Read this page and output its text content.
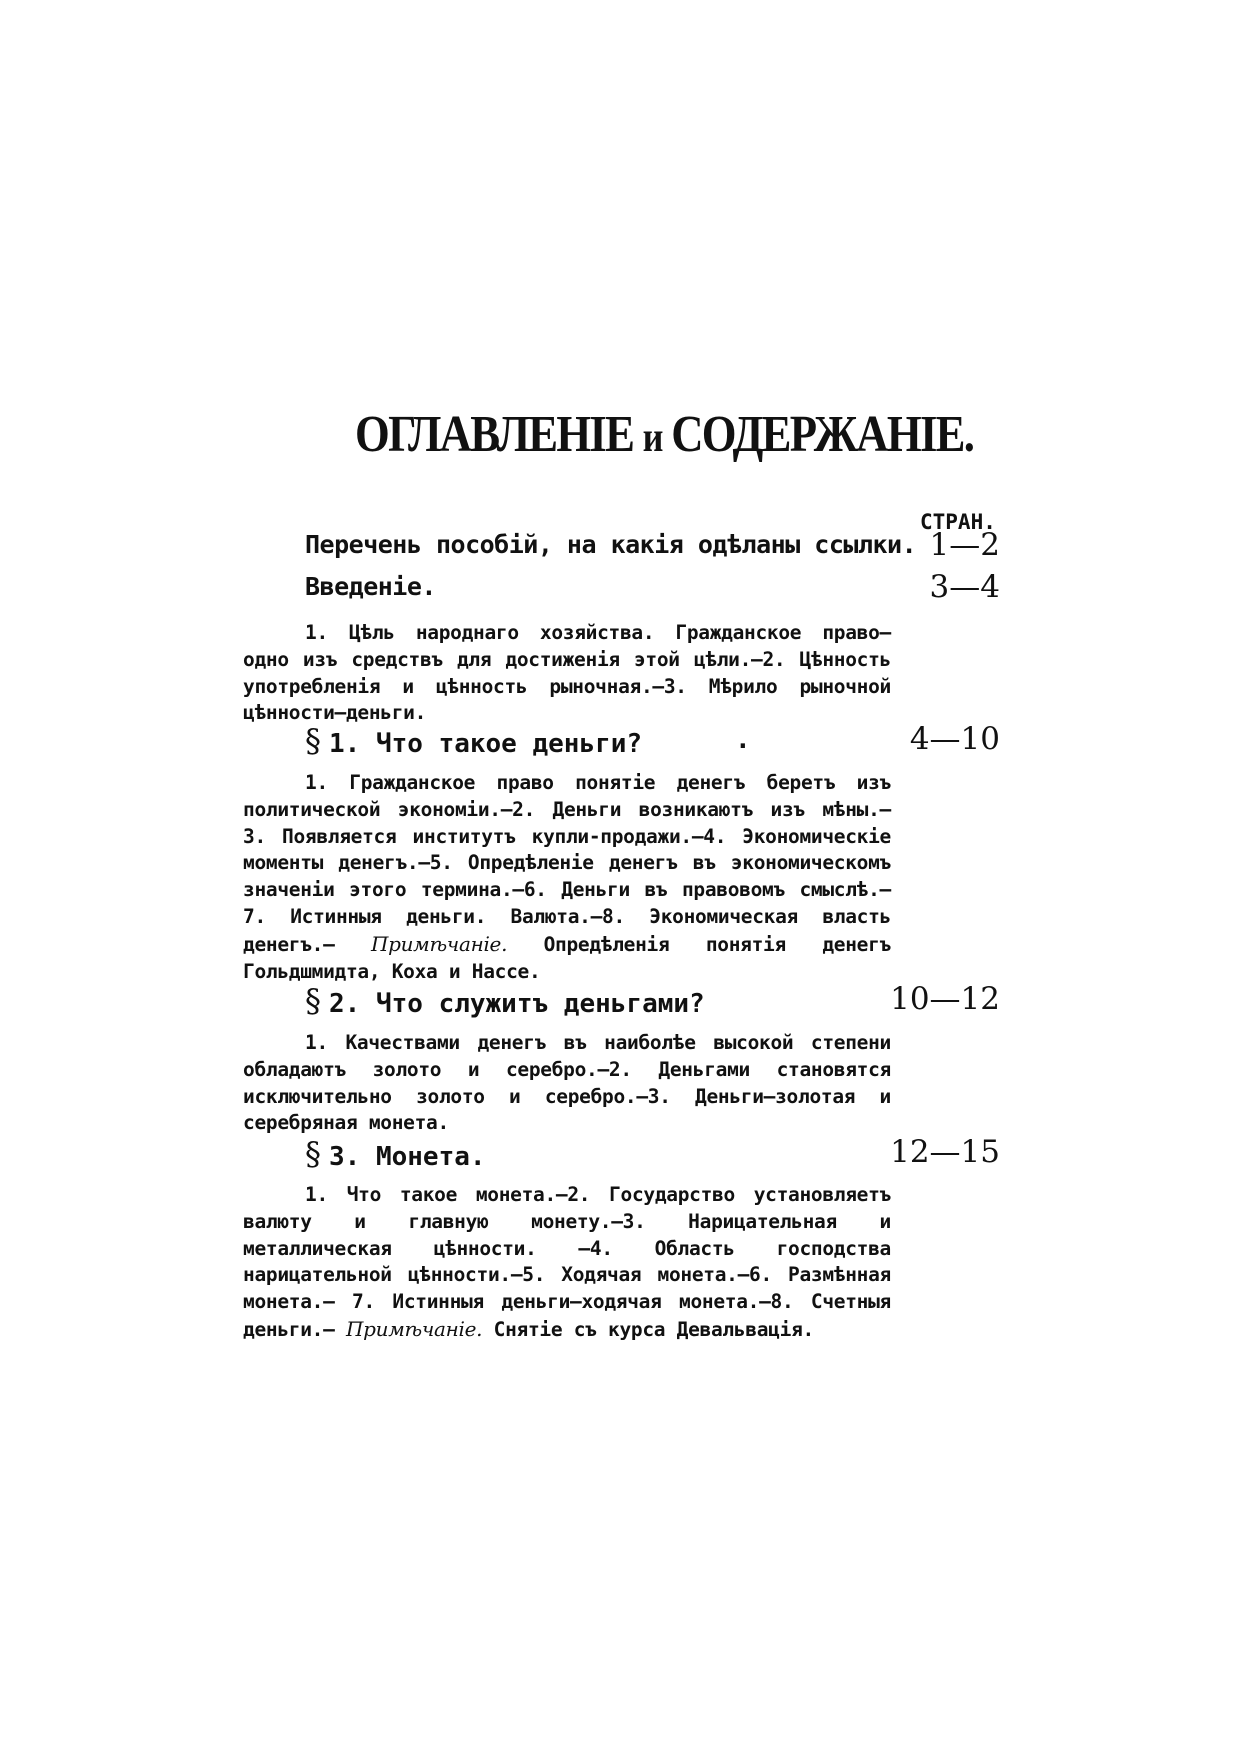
ОГЛАВЛЕНІЕ и СОДЕРЖАНІЕ.
СТРАН.
Перечень пособій, на какія одѣланы ссылки. 1—2
Введеніе.	3—4
1. Цѣль народнаго хозяйства. Гражданское право— одно изъ средствъ для достиженія этой цѣли.—2. Цѣнность употребленія и цѣнность рыночная.—3. Мѣрило рыночной цѣнности—деньги.
§ 1. Что такое деньги?	.	4—10
1. Гражданское право понятіе денегъ беретъ изъ политической экономіи.—2. Деньги возникаютъ изъ мѣны.— 3. Появляется институтъ купли-продажи.—4. Экономическіе моменты денегъ.—5. Опредѣленіе денегъ въ экономическомъ значеніи этого термина.—6. Деньги въ правовомъ смыслѣ.— 7. Истинныя деньги. Валюта.—8. Экономическая власть денегъ.— Примѣчаніе. Опредѣленія понятія денегъ Гольдшмидта, Коха и Нассе.
§ 2. Что служитъ деньгами?	10—12
1. Качествами денегъ въ наиболѣе высокой степени обладаютъ золото и серебро.—2. Деньгами становятся исключительно золото и серебро.—3. Деньги—золотая и серебряная монета.
§ 3. Монета.	12—15
1. Что такое монета.—2. Государство установляетъ валюту и главную монету.—3. Нарицательная и металлическая цѣнности. —4. Область господства нарицательной цѣнности.—5. Ходячая монета.—6. Размѣнная монета.— 7. Истинныя деньги—ходячая монета.—8. Счетныя деньги.— Примѣчаніе. Снятіе съ курса Девальвація.
